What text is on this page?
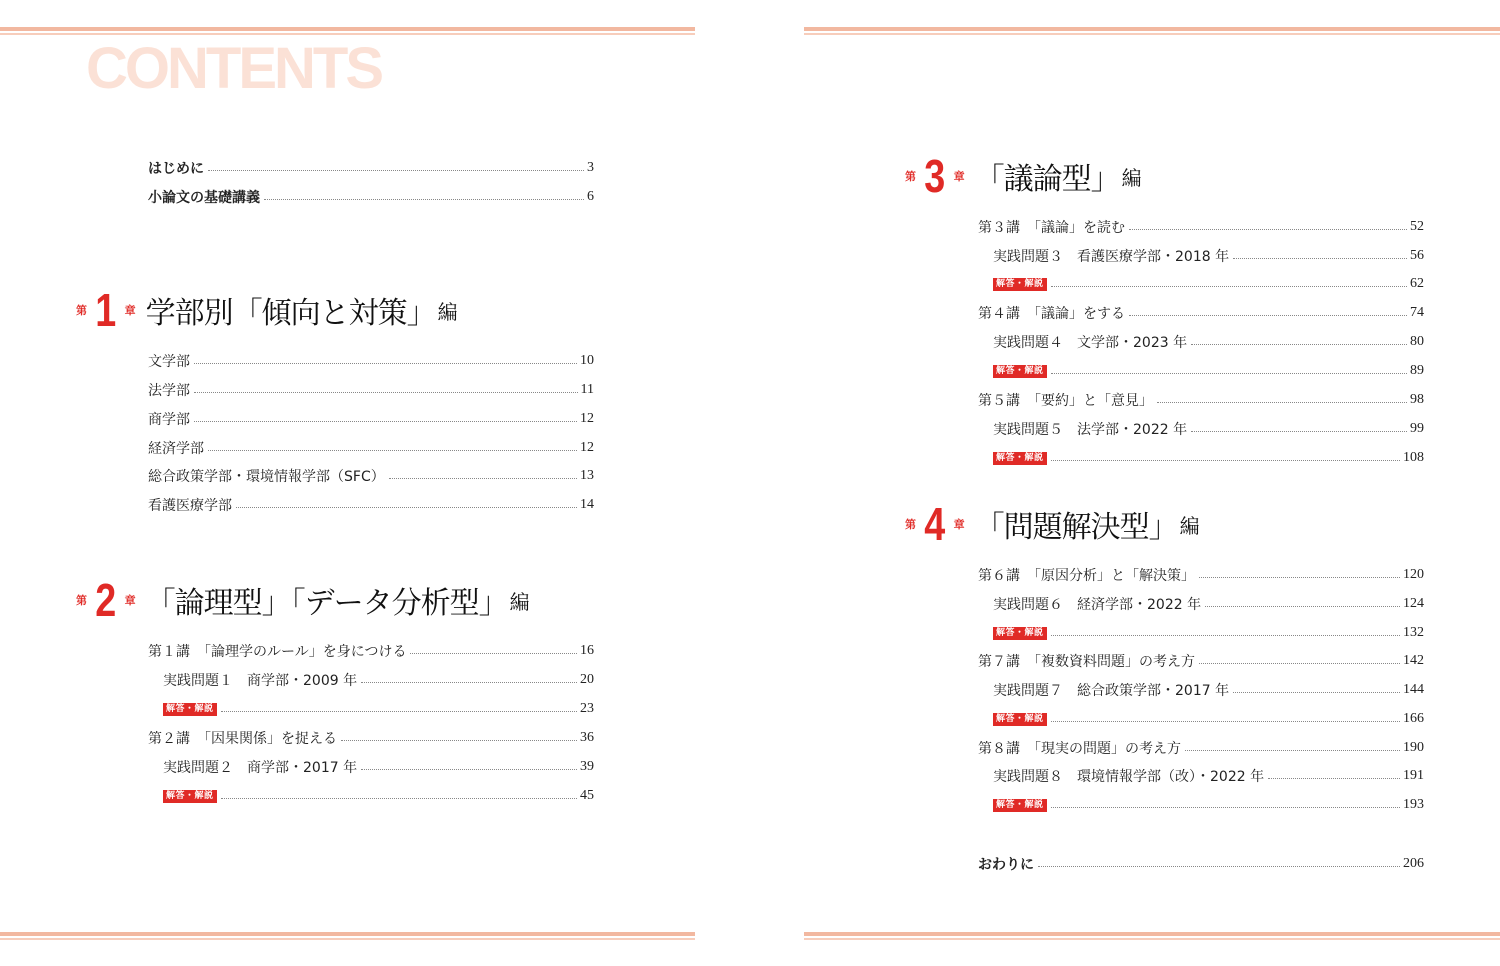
CONTENTS
はじめに	3
小論文の基礎講義	6
第 1 章 学部別「傾向と対策」 編
文学部	10
法学部	11
商学部	12
経済学部	12
総合政策学部・環境情報学部（SFC）	13
看護医療学部	14
第 2 章 「論理型」「データ分析型」 編
第１講　「論理学のルール」を身につける	16
実践問題１　商学部・2009 年	20
解答・解説	23
第２講　「因果関係」を捉える	36
実践問題２　商学部・2017 年	39
解答・解説	45
第 3 章 「議論型」 編
第３講　「議論」を読む	52
実践問題３　看護医療学部・2018 年	56
解答・解説	62
第４講　「議論」をする	74
実践問題４　文学部・2023 年	80
解答・解説	89
第５講　「要約」と「意見」	98
実践問題５　法学部・2022 年	99
解答・解説	108
第 4 章 「問題解決型」 編
第６講　「原因分析」と「解決策」	120
実践問題６　経済学部・2022 年	124
解答・解説	132
第７講　「複数資料問題」の考え方	142
実践問題７　総合政策学部・2017 年	144
解答・解説	166
第８講　「現実の問題」の考え方	190
実践問題８　環境情報学部（改）・2022 年	191
解答・解説	193
おわりに	206
